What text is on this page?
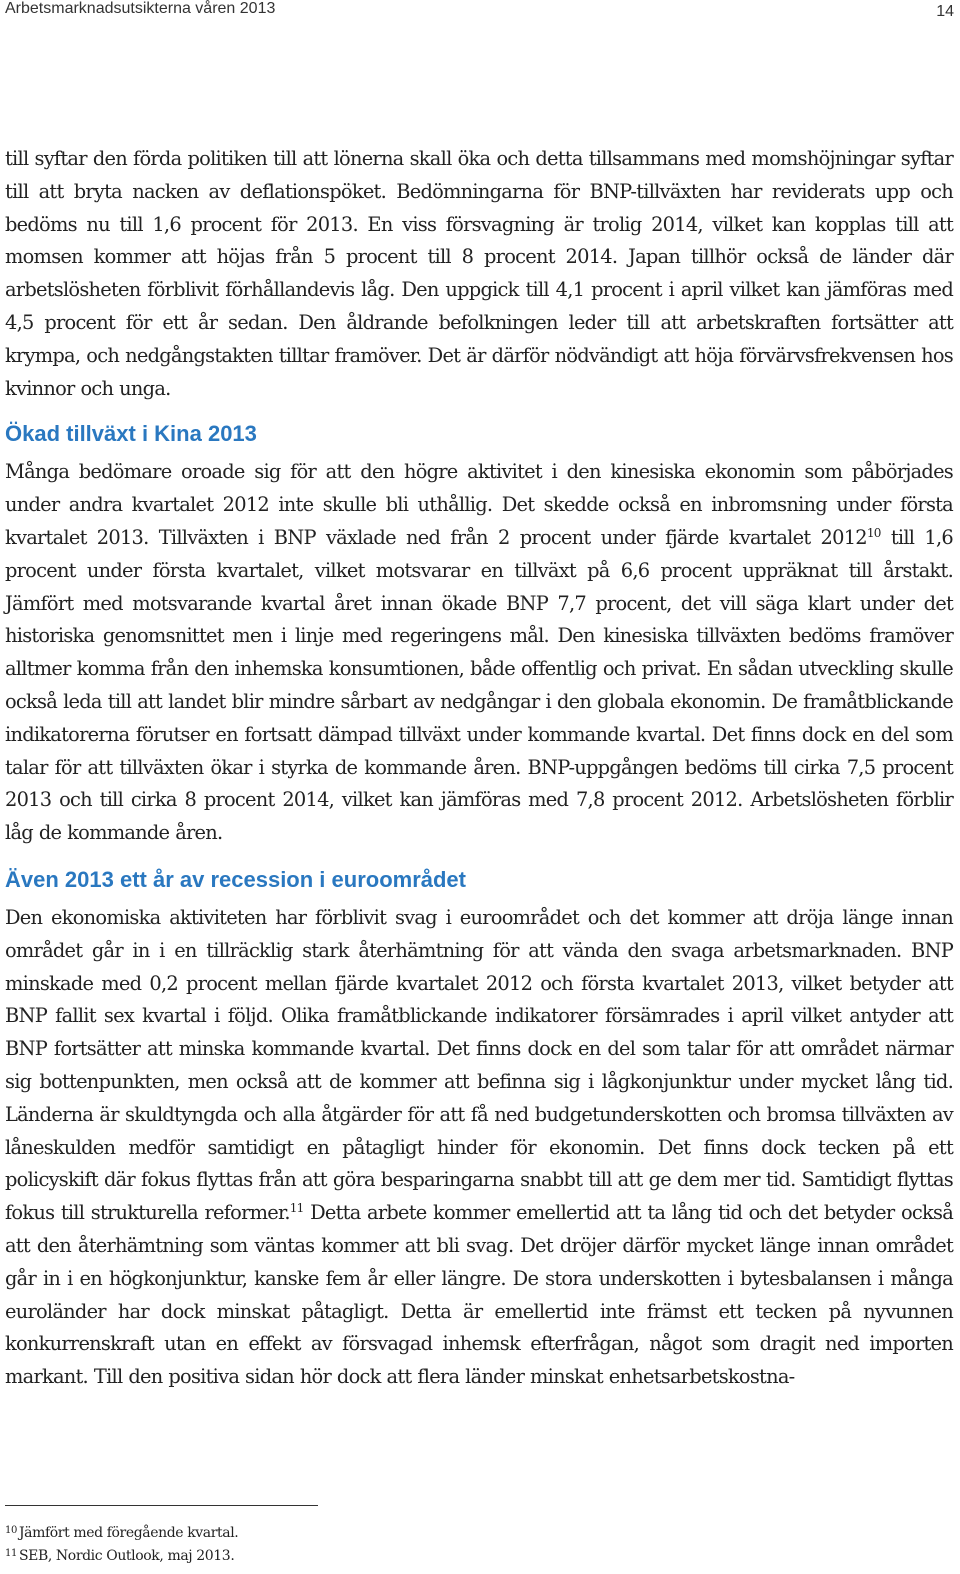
Arbetsmarknadsutsikterna våren 2013	14

till syftar den förda politiken till att lönerna skall öka och detta tillsammans med momshöjningar syftar till att bryta nacken av deflationspöket. Bedömningarna för BNP-tillväxten har reviderats upp och bedöms nu till 1,6 procent för 2013. En viss försvagning är trolig 2014, vilket kan kopplas till att momsen kommer att höjas från 5 procent till 8 procent 2014. Japan tillhör också de länder där arbetslösheten förblivit förhållandevis låg. Den uppgick till 4,1 procent i april vilket kan jämföras med 4,5 procent för ett år sedan. Den åldrande befolkningen leder till att arbetskraften fortsätter att krympa, och nedgångstakten tilltar framöver. Det är därför nödvändigt att höja förvärvsfrekvensen hos kvinnor och unga.

Ökad tillväxt i Kina 2013

Många bedömare oroade sig för att den högre aktivitet i den kinesiska ekonomin som påbörjades under andra kvartalet 2012 inte skulle bli uthållig. Det skedde också en inbromsning under första kvartalet 2013. Tillväxten i BNP växlade ned från 2 procent under fjärde kvartalet 2012$^{10}$ till 1,6 procent under första kvartalet, vilket motsvarar en tillväxt på 6,6 procent uppräknat till årstakt. Jämfört med motsvarande kvartal året innan ökade BNP 7,7 procent, det vill säga klart under det historiska genomsnittet men i linje med regeringens mål. Den kinesiska tillväxten bedöms framöver alltmer komma från den inhemska konsumtionen, både offentlig och privat. En sådan utveckling skulle också leda till att landet blir mindre sårbart av nedgångar i den globala ekonomin. De framåtblickande indikatorerna förutser en fortsatt dämpad tillväxt under kommande kvartal. Det finns dock en del som talar för att tillväxten ökar i styrka de kommande åren. BNP-uppgången bedöms till cirka 7,5 procent 2013 och till cirka 8 procent 2014, vilket kan jämföras med 7,8 procent 2012. Arbetslösheten förblir låg de kommande åren.

Även 2013 ett år av recession i euroområdet

Den ekonomiska aktiviteten har förblivit svag i euroområdet och det kommer att dröja länge innan området går in i en tillräcklig stark återhämtning för att vända den svaga arbetsmarknaden. BNP minskade med 0,2 procent mellan fjärde kvartalet 2012 och första kvartalet 2013, vilket betyder att BNP fallit sex kvartal i följd. Olika framåtblickande indikatorer försämrades i april vilket antyder att BNP fortsätter att minska kommande kvartal. Det finns dock en del som talar för att området närmar sig bottenpunkten, men också att de kommer att befinna sig i lågkonjunktur under mycket lång tid. Länderna är skuldtyngda och alla åtgärder för att få ned budgetunderskotten och bromsa tillväxten av låneskulden medför samtidigt en påtagligt hinder för ekonomin. Det finns dock tecken på ett policyskift där fokus flyttas från att göra besparingarna snabbt till att ge dem mer tid. Samtidigt flyttas fokus till strukturella reformer.$^{11}$ Detta arbete kommer emellertid att ta lång tid och det betyder också att den återhämtning som väntas kommer att bli svag. Det dröjer därför mycket länge innan området går in i en högkonjunktur, kanske fem år eller längre. De stora underskotten i bytesbalansen i många euroländer har dock minskat påtagligt. Detta är emellertid inte främst ett tecken på nyvunnen konkurrenskraft utan en effekt av försvagad inhemsk efterfrågan, något som dragit ned importen markant. Till den positiva sidan hör dock att flera länder minskat enhetsarbetskostna-

$^{10}$ Jämfört med föregående kvartal.
$^{11}$ SEB, Nordic Outlook, maj 2013.
